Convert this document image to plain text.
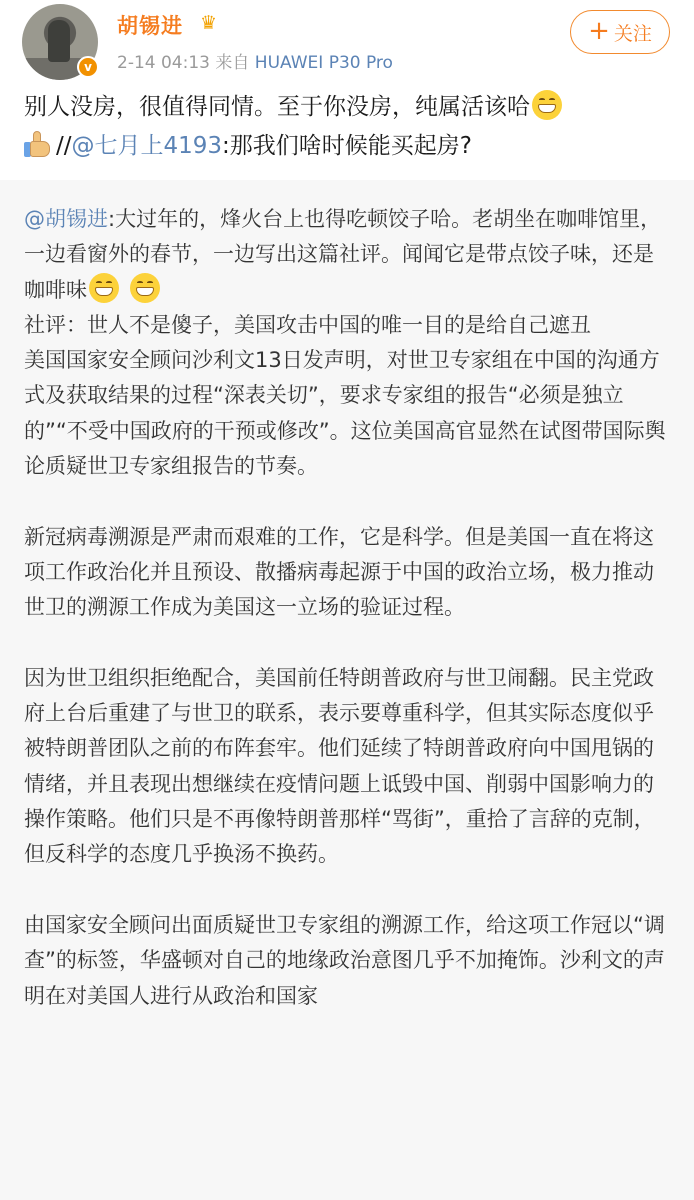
v
胡锡进 ♛
2-14 04:13 来自 HUAWEI P30 Pro
+ 关注
别人没房，很值得同情。至于你没房，纯属活该哈

//@七月上4193:那我们啥时候能买起房?

@胡锡进:大过年的，烽火台上也得吃顿饺子哈。老胡坐在咖啡馆里，一边看窗外的春节，一边写出这篇社评。闻闻它是带点饺子味，还是咖啡味

社评：世人不是傻子，美国攻击中国的唯一目的是给自己遮丑

美国国家安全顾问沙利文13日发声明，对世卫专家组在中国的沟通方式及获取结果的过程“深表关切”，要求专家组的报告“必须是独立的”“不受中国政府的干预或修改”。这位美国高官显然在试图带国际舆论质疑世卫专家组报告的节奏。

新冠病毒溯源是严肃而艰难的工作，它是科学。但是美国一直在将这项工作政治化并且预设、散播病毒起源于中国的政治立场，极力推动世卫的溯源工作成为美国这一立场的验证过程。

因为世卫组织拒绝配合，美国前任特朗普政府与世卫闹翻。民主党政府上台后重建了与世卫的联系，表示要尊重科学，但其实际态度似乎被特朗普团队之前的布阵套牢。他们延续了特朗普政府向中国甩锅的情绪，并且表现出想继续在疫情问题上诋毁中国、削弱中国影响力的操作策略。他们只是不再像特朗普那样“骂街”，重拾了言辞的克制，但反科学的态度几乎换汤不换药。

由国家安全顾问出面质疑世卫专家组的溯源工作，给这项工作冠以“调查”的标签，华盛顿对自己的地缘政治意图几乎不加掩饰。沙利文的声明在对美国人进行从政治和国家
